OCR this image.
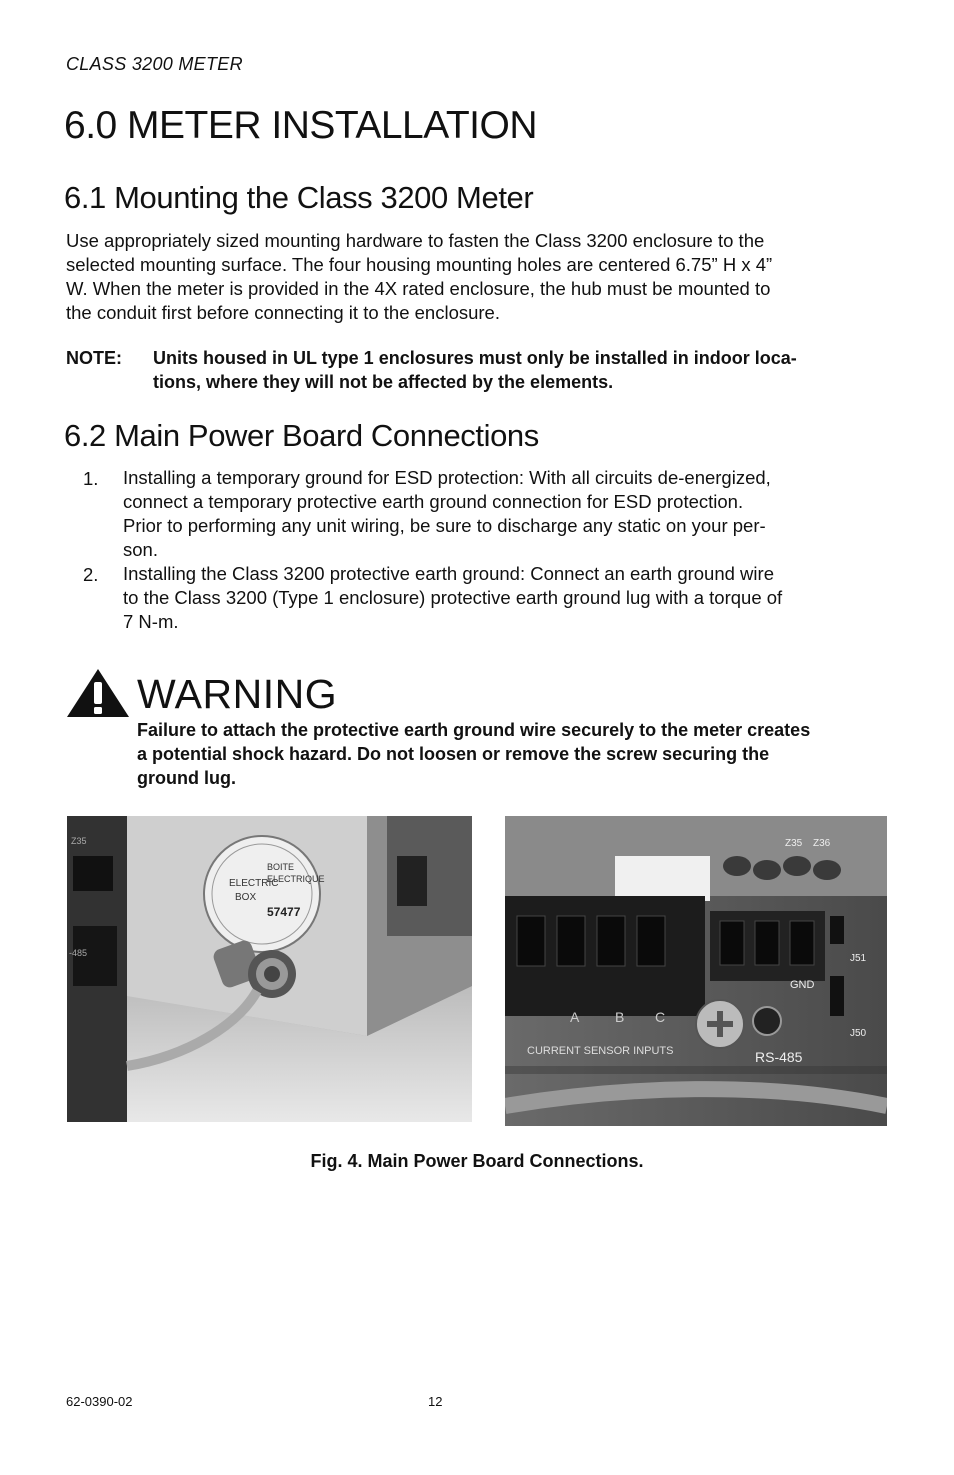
CLASS 3200 METER
6.0 METER INSTALLATION
6.1 Mounting the Class 3200 Meter
Use appropriately sized mounting hardware to fasten the Class 3200 enclosure to the
selected mounting surface. The four housing mounting holes are centered 6.75” H x 4”
W. When the meter is provided in the 4X rated enclosure, the hub must be mounted to
the conduit first before connecting it to the enclosure.
NOTE: Units housed in UL type 1 enclosures must only be installed in indoor loca-
tions, where they will not be affected by the elements.
6.2 Main Power Board Connections
1. Installing a temporary ground for ESD protection: With all circuits de-energized,
connect a temporary protective earth ground connection for ESD protection.
Prior to performing any unit wiring, be sure to discharge any static on your per-
son.
2. Installing the Class 3200 protective earth ground: Connect an earth ground wire
to the Class 3200 (Type 1 enclosure) protective earth ground lug with a torque of
7 N-m.
WARNING
Failure to attach the protective earth ground wire securely to the meter creates
a potential shock hazard. Do not loosen or remove the screw securing the
ground lug.
Z35
-485
ELECTRIC
BOX
57477
BOITE
ELECTRIQUE
Z35 Z36
A	B C
CURRENT SENSOR INPUTS
GND
RS-485
J51
J50
Fig. 4. Main Power Board Connections.
62-0390-02	12
